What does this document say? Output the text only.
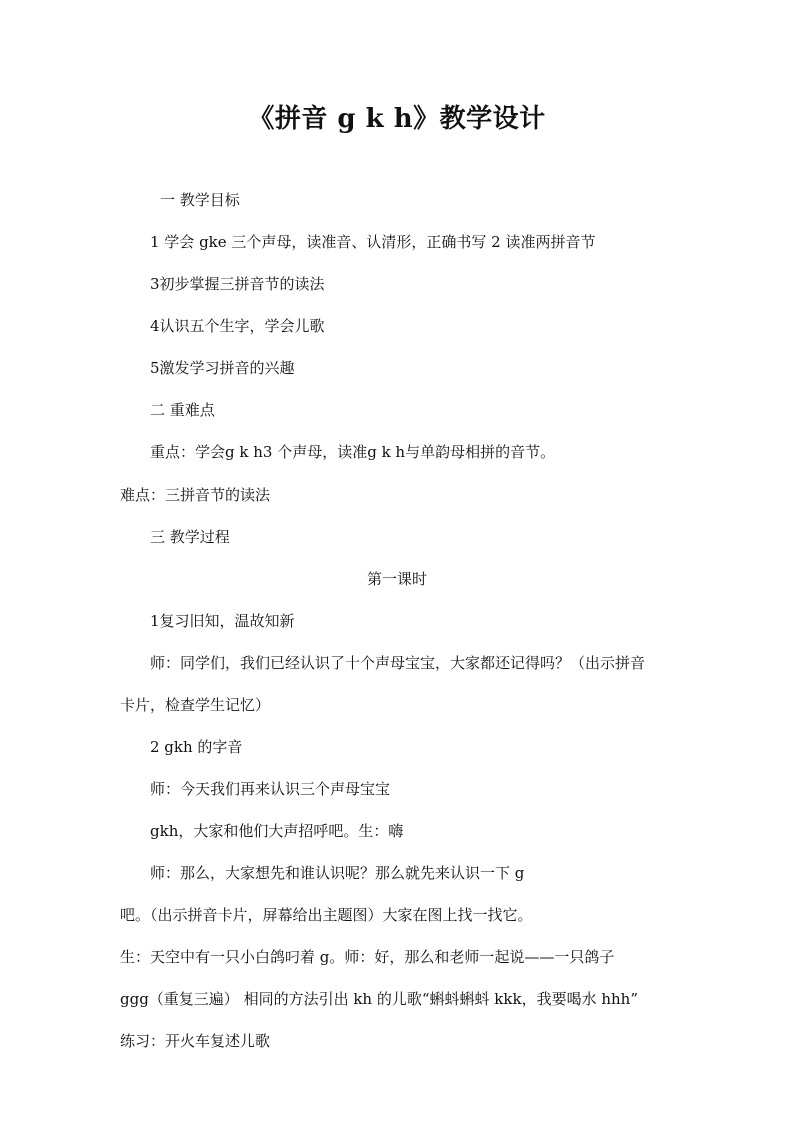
《拼音 g k h》教学设计
一 教学目标
1 学会 gke 三个声母，读准音、认清形，正确书写 2 读准两拼音节
3初步掌握三拼音节的读法
4认识五个生字，学会儿歌
5激发学习拼音的兴趣
二 重难点
重点：学会g k h3 个声母，读准g k h与单韵母相拼的音节。
难点：三拼音节的读法
三 教学过程
第一课时
1复习旧知，温故知新
师：同学们，我们已经认识了十个声母宝宝，大家都还记得吗？（出示拼音
卡片，检查学生记忆）
2 gkh 的字音
师：今天我们再来认识三个声母宝宝
gkh，大家和他们大声招呼吧。生：嗨
师：那么，大家想先和谁认识呢？那么就先来认识一下 g
吧。（出示拼音卡片，屏幕给出主题图）大家在图上找一找它。
生：天空中有一只小白鸽叼着 g。师：好，那么和老师一起说——一只鸽子
ggg（重复三遍） 相同的方法引出 kh 的儿歌“蝌蚪蝌蚪 kkk，我要喝水 hhh”
练习：开火车复述儿歌
